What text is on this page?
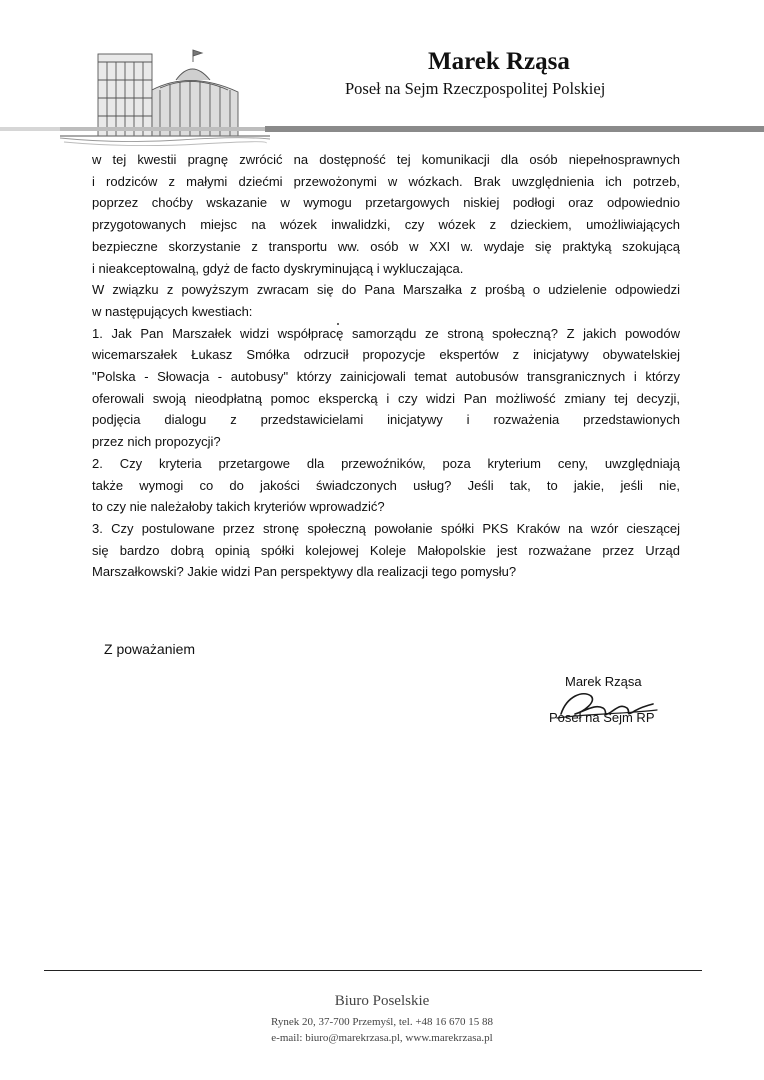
Marek Rząsa
Poseł na Sejm Rzeczpospolitej Polskiej
w tej kwestii pragnę zwrócić na dostępność tej komunikacji dla osób niepełnosprawnych
i rodziców z małymi dziećmi przewożonymi w wózkach. Brak uwzględnienia ich potrzeb,
poprzez choćby wskazanie w wymogu przetargowych niskiej podłogi oraz odpowiednio
przygotowanych miejsc na wózek inwalidzki, czy wózek z dzieckiem, umożliwiających
bezpieczne skorzystanie z transportu ww. osób w XXI w. wydaje się praktyką szokującą
i nieakceptowalną, gdyż de facto dyskryminującą i wykluczająca.
W związku z powyższym zwracam się do Pana Marszałka z prośbą o udzielenie odpowiedzi
w następujących kwestiach:
1. Jak Pan Marszałek widzi współpracę samorządu ze stroną społeczną? Z jakich powodów
wicemarszałek Łukasz Smółka odrzucił propozycje ekspertów z inicjatywy obywatelskiej
"Polska - Słowacja - autobusy" którzy zainicjowali temat autobusów transgranicznych i którzy
oferowali swoją nieodpłatną pomoc ekspercką i czy widzi Pan możliwość zmiany tej decyzji,
podjęcia dialogu z przedstawicielami inicjatywy i rozważenia przedstawionych
przez nich propozycji?
2. Czy kryteria przetargowe dla przewoźników, poza kryterium ceny, uwzględniają
także wymogi co do jakości świadczonych usług? Jeśli tak, to jakie, jeśli nie,
to czy nie należałoby takich kryteriów wprowadzić?
3. Czy postulowane przez stronę społeczną powołanie spółki PKS Kraków na wzór cieszącej
się bardzo dobrą opinią spółki kolejowej Koleje Małopolskie jest rozważane przez Urząd
Marszałkowski? Jakie widzi Pan perspektywy dla realizacji tego pomysłu?
Z poważaniem
Marek Rząsa
Poseł na Sejm RP
Biuro Poselskie
Rynek 20, 37-700 Przemyśl, tel. +48 16 670 15 88
e-mail: biuro@marekrzasa.pl, www.marekrzasa.pl
